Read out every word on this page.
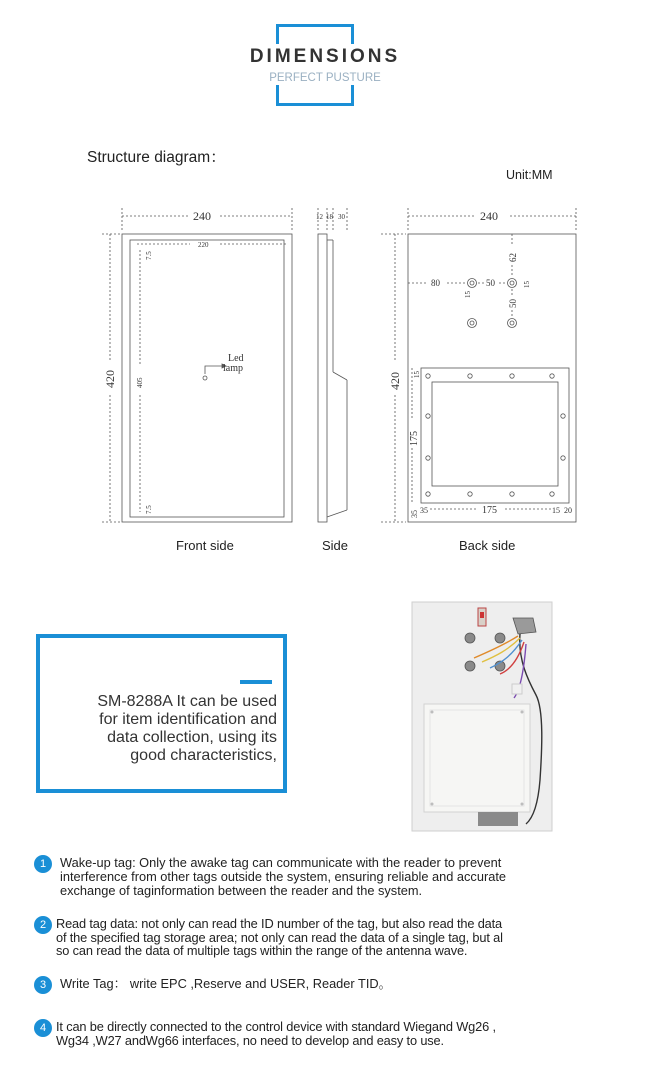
DIMENSIONS
PERFECT PUSTURE
Structure diagram：
Unit:MM
240
220
420	405
7.5
7.5
Led
lamp
12 18 30	240
420
80	50
62
50
15
15
15
175
175
35 35	15 20
Front side	Side	Back side
SM-8288A It can be used
for item identification and
data collection, using its
good characteristics,
1	Wake-up tag: Only the awake tag can communicate with the reader to prevent
interference from other tags outside the system, ensuring reliable and accurate
exchange of taginformation between the reader and the system.
2 Read tag data: not only can read the ID number of the tag, but also read the data
of the specified tag storage area; not only can read the data of a single tag, but al
so can read the data of multiple tags within the range of the antenna wave.
3	Write Tag： write EPC ,Reserve and USER, Reader TID。
4 It can be directly connected to the control device with standard Wiegand Wg26 ,
Wg34 ,W27 andWg66 interfaces, no need to develop and easy to use.
